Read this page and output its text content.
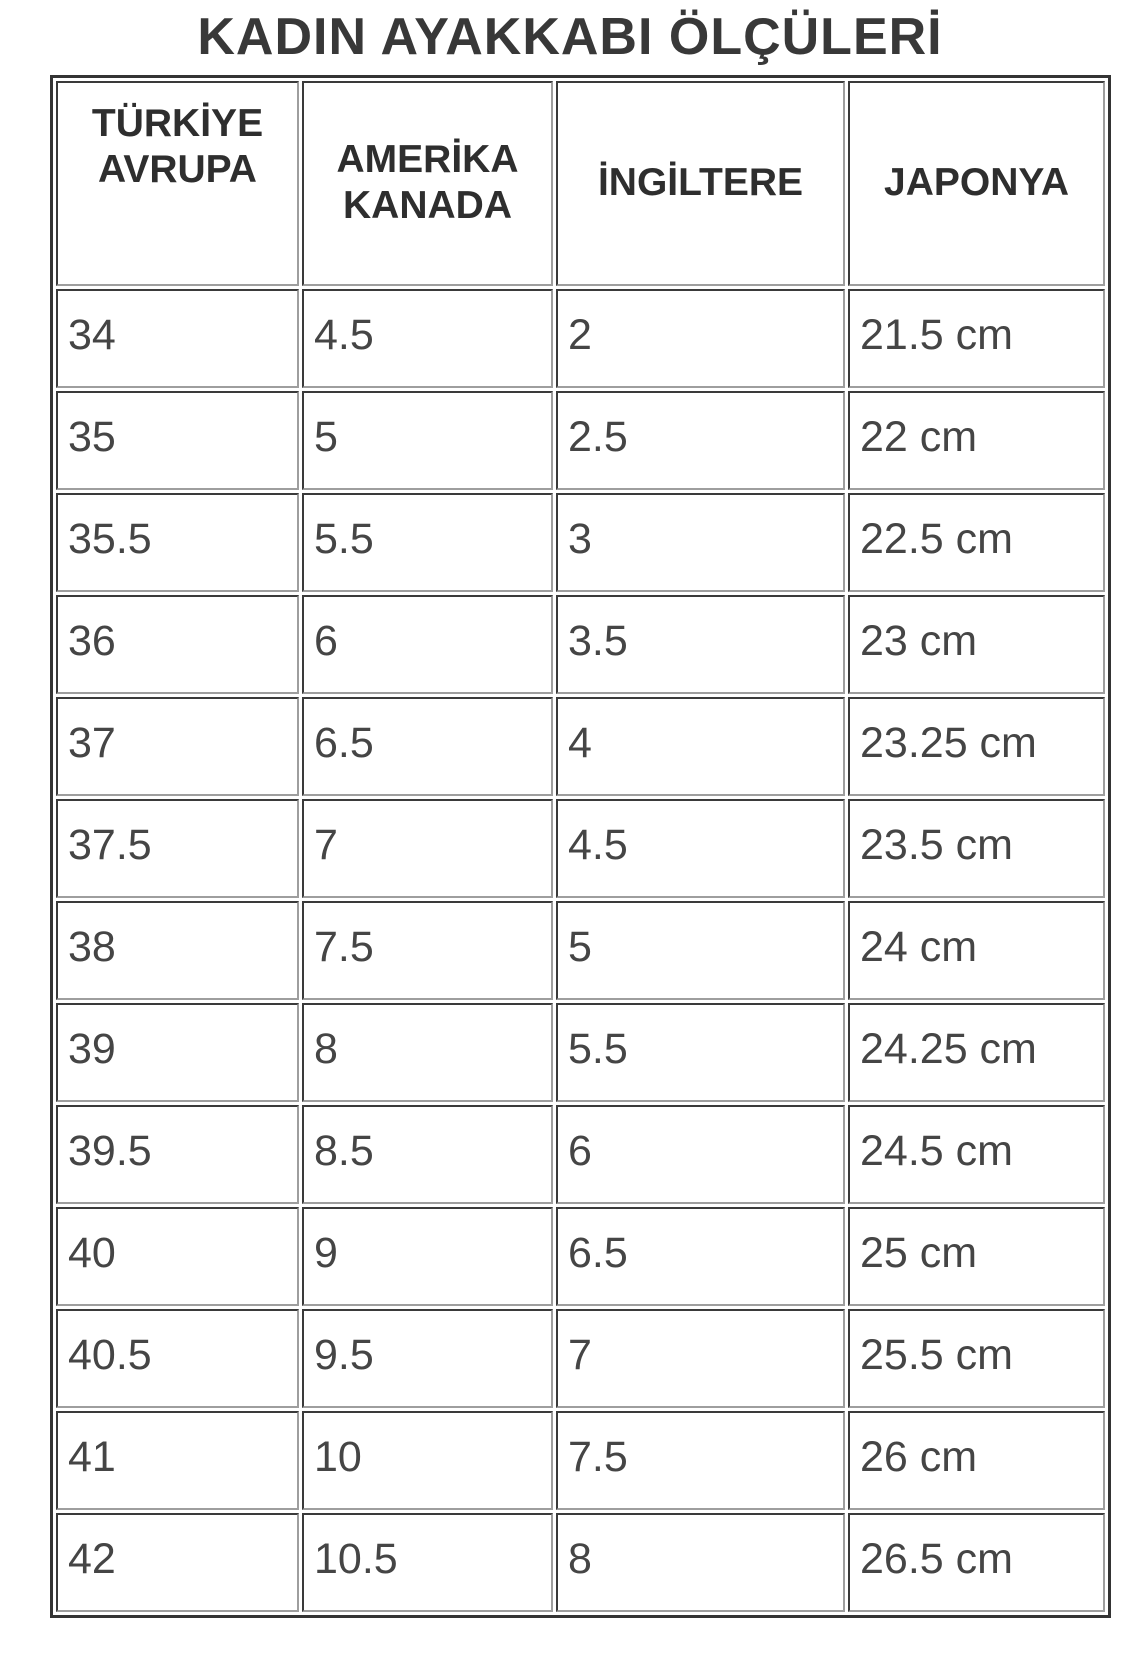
KADIN AYAKKABI ÖLÇÜLERİ
TÜRKİYE AVRUPA	AMERİKA KANADA	İNGİLTERE	JAPONYA
34	4.5	2	21.5 cm
35	5	2.5	22 cm
35.5	5.5	3	22.5 cm
36	6	3.5	23 cm
37	6.5	4	23.25 cm
37.5	7	4.5	23.5 cm
38	7.5	5	24 cm
39	8	5.5	24.25 cm
39.5	8.5	6	24.5 cm
40	9	6.5	25 cm
40.5	9.5	7	25.5 cm
41	10	7.5	26 cm
42	10.5	8	26.5 cm
